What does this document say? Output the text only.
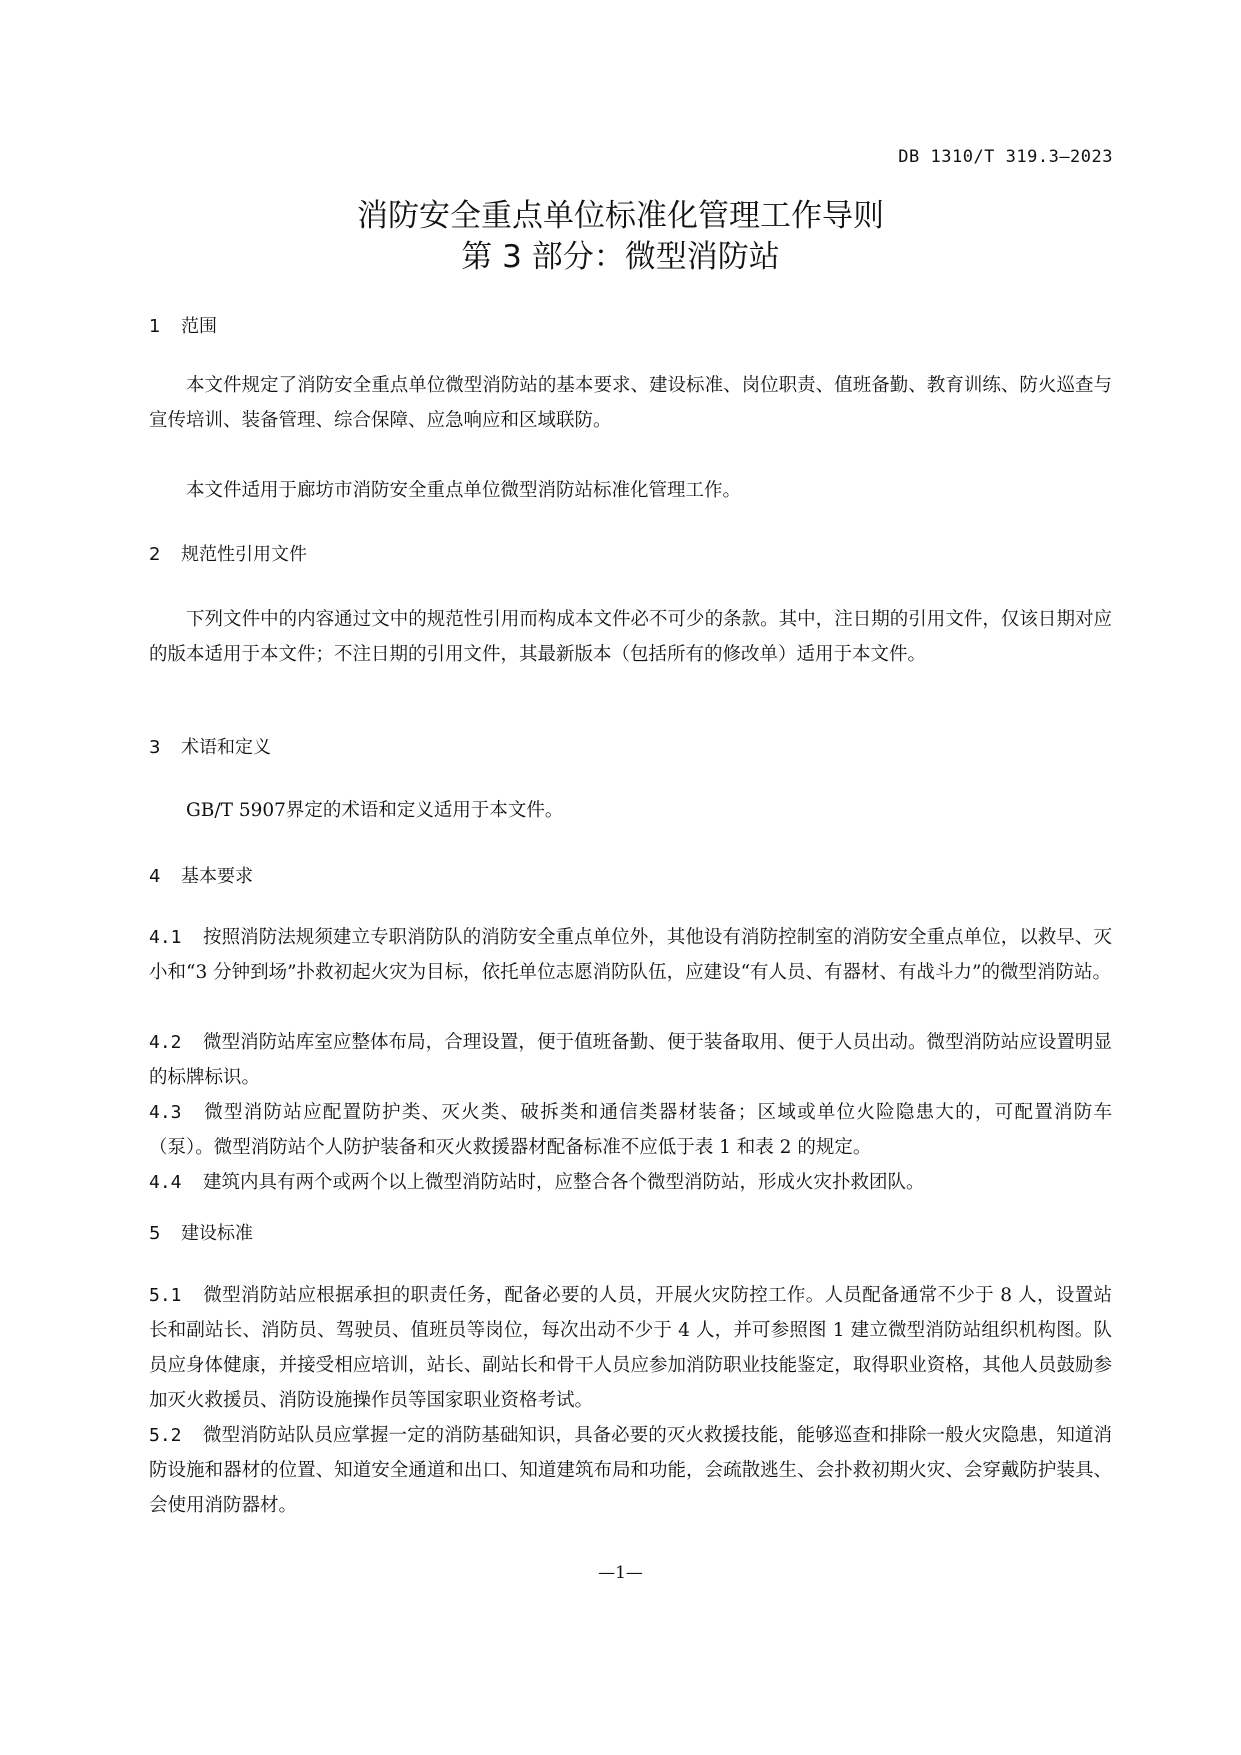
DB 1310/T 319.3—2023
消防安全重点单位标准化管理工作导则
第 3 部分：微型消防站
1 范围
本文件规定了消防安全重点单位微型消防站的基本要求、建设标准、岗位职责、值班备勤、教育训练、防火巡查与宣传培训、装备管理、综合保障、应急响应和区域联防。
本文件适用于廊坊市消防安全重点单位微型消防站标准化管理工作。
2 规范性引用文件
下列文件中的内容通过文中的规范性引用而构成本文件必不可少的条款。其中，注日期的引用文件，仅该日期对应的版本适用于本文件；不注日期的引用文件，其最新版本（包括所有的修改单）适用于本文件。
3 术语和定义
GB/T 5907界定的术语和定义适用于本文件。
4 基本要求
4.1 按照消防法规须建立专职消防队的消防安全重点单位外，其他设有消防控制室的消防安全重点单位，以救早、灭小和“3 分钟到场”扑救初起火灾为目标，依托单位志愿消防队伍，应建设“有人员、有器材、有战斗力”的微型消防站。
4.2 微型消防站库室应整体布局，合理设置，便于值班备勤、便于装备取用、便于人员出动。微型消防站应设置明显的标牌标识。
4.3 微型消防站应配置防护类、灭火类、破拆类和通信类器材装备；区域或单位火险隐患大的，可配置消防车（泵）。微型消防站个人防护装备和灭火救援器材配备标准不应低于表 1 和表 2 的规定。
4.4 建筑内具有两个或两个以上微型消防站时，应整合各个微型消防站，形成火灾扑救团队。
5 建设标准
5.1 微型消防站应根据承担的职责任务，配备必要的人员，开展火灾防控工作。人员配备通常不少于 8 人，设置站长和副站长、消防员、驾驶员、值班员等岗位，每次出动不少于 4 人，并可参照图 1 建立微型消防站组织机构图。队员应身体健康，并接受相应培训，站长、副站长和骨干人员应参加消防职业技能鉴定，取得职业资格，其他人员鼓励参加灭火救援员、消防设施操作员等国家职业资格考试。
5.2 微型消防站队员应掌握一定的消防基础知识，具备必要的灭火救援技能，能够巡查和排除一般火灾隐患，知道消防设施和器材的位置、知道安全通道和出口、知道建筑布局和功能，会疏散逃生、会扑救初期火灾、会穿戴防护装具、会使用消防器材。
—1—
